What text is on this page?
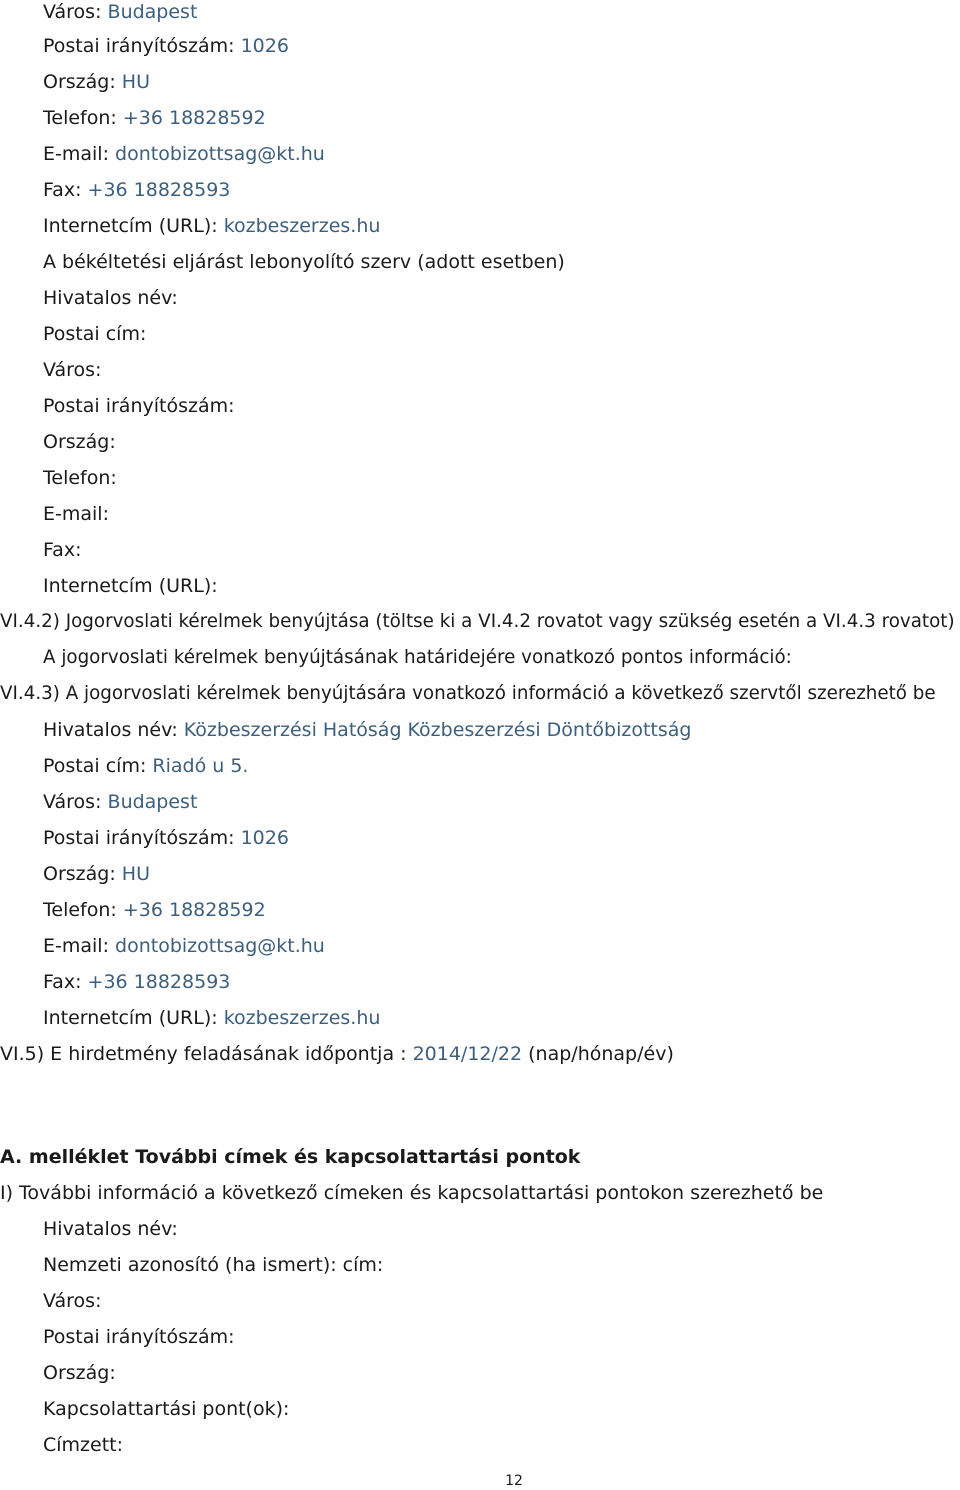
Város: Budapest
Postai irányítószám: 1026
Ország: HU
Telefon: +36 18828592
E-mail: dontobizottsag@kt.hu
Fax: +36 18828593
Internetcím (URL): kozbeszerzes.hu
A békéltetési eljárást lebonyolító szerv (adott esetben)
Hivatalos név:
Postai cím:
Város:
Postai irányítószám:
Ország:
Telefon:
E-mail:
Fax:
Internetcím (URL):
VI.4.2) Jogorvoslati kérelmek benyújtása (töltse ki a VI.4.2 rovatot vagy szükség esetén a VI.4.3 rovatot)
A jogorvoslati kérelmek benyújtásának határidejére vonatkozó pontos információ:
VI.4.3) A jogorvoslati kérelmek benyújtására vonatkozó információ a következő szervtől szerezhető be
Hivatalos név: Közbeszerzési Hatóság Közbeszerzési Döntőbizottság
Postai cím: Riadó u 5.
Város: Budapest
Postai irányítószám: 1026
Ország: HU
Telefon: +36 18828592
E-mail: dontobizottsag@kt.hu
Fax: +36 18828593
Internetcím (URL): kozbeszerzes.hu
VI.5) E hirdetmény feladásának időpontja : 2014/12/22 (nap/hónap/év)
A. melléklet További címek és kapcsolattartási pontok
I) További információ a következő címeken és kapcsolattartási pontokon szerezhető be
Hivatalos név:
Nemzeti azonosító (ha ismert): cím:
Város:
Postai irányítószám:
Ország:
Kapcsolattartási pont(ok):
Címzett:
12
